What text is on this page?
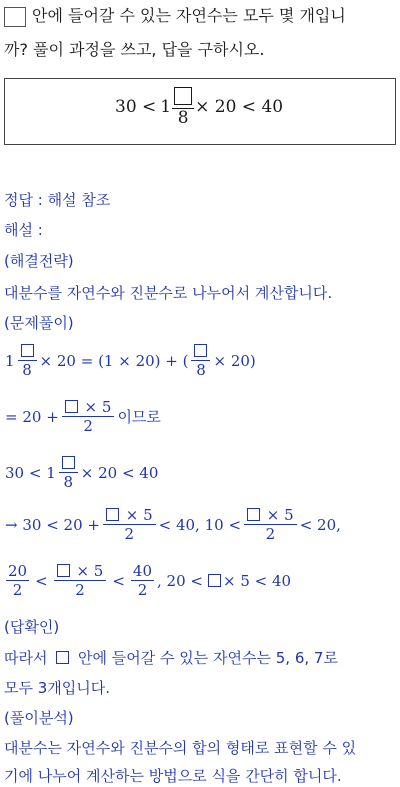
안에 들어갈 수 있는 자연수는 모두 몇 개입니
까? 풀이 과정을 쓰고, 답을 구하시오.
30 < 1
8
× 20 < 40
정답 : 해설 참조
해설 :
(해결전략)
대분수를 자연수와 진분수로 나누어서 계산합니다.
(문제풀이)
1
8
× 20 = (1 × 20) + (
8
× 20)
= $20 + \frac{\times 5}{2}$ 이므로
30 < 1
8
× 20 < 40
→ $30 < 20 + \frac{\times 5}{2} < 40$, $10 < \frac{\times 5}{2} < 20$,
$\frac{20}{2} < \frac{\times 5}{2} < \frac{40}{2}$ , 20 < × 5 < 40
(답확인)
따라서 안에 들어갈 수 있는 자연수는 5, 6, 7로
모두 3개입니다.
(풀이분석)
대분수는 자연수와 진분수의 합의 형태로 표현할 수 있
기에 나누어 계산하는 방법으로 식을 간단히 합니다.
